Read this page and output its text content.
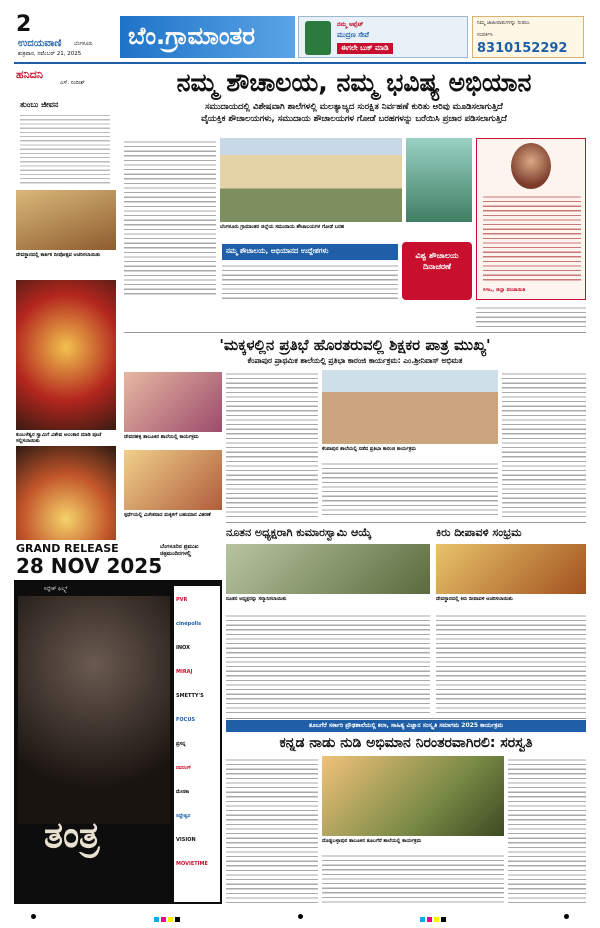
2
ಉದಯವಾಣಿ	ಬೆಂಗಳೂರು
ಶುಕ್ರವಾರ, ನವೆಂಬರ್ 21, 2025
ಬೆಂ.ಗ್ರಾಮಾಂತರ	ನಮ್ಮ ಆಫ್ಸೆಟ್
ಮುದ್ರಣ ಸೇವೆ
ಈಗಲೇ ಬುಕ್ ಮಾಡಿ
ನಿಮ್ಮ ಜಾಹೀರಾತುಗಳನ್ನು ನೀಡಲು
ಸಂಪರ್ಕಿಸಿ
8310152292
ಹನಿದನಿ
ಎಸ್. ನಂದೀಶ್
ತುಂಬು ಜೀವನ
ದೇವಸ್ಥಾನದಲ್ಲಿ ಕಾರ್ತಿಕ ದೀಪೋತ್ಸವ ಆಚರಿಸಲಾಯಿತು
ಕುಂಬಳೆಶ್ವರ ಸ್ವಾಮಿಗೆ ವಿಶೇಷ ಅಲಂಕಾರ ಮಾಡಿ ಪೂಜೆ ಸಲ್ಲಿಸಲಾಯಿತು
ನಮ್ಮ ಶೌಚಾಲಯ, ನಮ್ಮ ಭವಿಷ್ಯ ಅಭಿಯಾನ
ಸಮುದಾಯದಲ್ಲಿ ವಿಶೇಷವಾಗಿ ಶಾಲೆಗಳಲ್ಲಿ ಮಲತ್ಯಾಜ್ಯದ ಸುರಕ್ಷಿತ ನಿರ್ವಹಣೆ ಕುರಿತು ಅರಿವು ಮೂಡಿಸಲಾಗುತ್ತಿದೆ
ವೈಯಕ್ತಿಕ ಶೌಚಾಲಯಗಳು, ಸಮುದಾಯ ಶೌಚಾಲಯಗಳ ಗೋಡೆ ಬರಹಗಳನ್ನು ಬರೆಯಿಸಿ ಪ್ರಚಾರ ಪಡಿಸಲಾಗುತ್ತಿದೆ
ಬೆಂಗಳೂರು ಗ್ರಾಮಾಂತರ ಜಿಲ್ಲೆಯ ಸಮುದಾಯ ಶೌಚಾಲಯಗಳ ಗೋಡೆ ಬರಹ
ನಮ್ಮ ಶೌಚಾಲಯ, ಅಭಿಯಾನದ ಉದ್ದೇಶಗಳು	ವಿಶ್ವ ಶೌಚಾಲಯ ದಿನಾಚರಣೆ
ಸಿಇಒ, ಜಿಲ್ಲಾ ಪಂಚಾಯಿತಿ
'ಮಕ್ಕಳಲ್ಲಿನ ಪ್ರತಿಭೆ ಹೊರತರುವಲ್ಲಿ ಶಿಕ್ಷಕರ ಪಾತ್ರ ಮುಖ್ಯ'
ಕೆಂಪಾಪುರ ಪ್ರಾಥಮಿಕ ಶಾಲೆಯಲ್ಲಿ ಪ್ರತಿಭಾ ಕಾರಂಜಿ ಕಾರ್ಯಕ್ರಮ: ಎಂ.ಶ್ರೀನಿವಾಸ್ ಅಭಿಮತ
ದೇವನಹಳ್ಳಿ ತಾಲೂಕಿನ ಶಾಲೆಯಲ್ಲಿ ಕಾರ್ಯಕ್ರಮ
ಸ್ಪರ್ಧೆಯಲ್ಲಿ ವಿಜೇತರಾದ ಮಕ್ಕಳಿಗೆ ಬಹುಮಾನ ವಿತರಣೆ
ಕೆಂಪಾಪುರ ಶಾಲೆಯಲ್ಲಿ ನಡೆದ ಪ್ರತಿಭಾ ಕಾರಂಜಿ ಕಾರ್ಯಕ್ರಮ
ನೂತನ ಅಧ್ಯಕ್ಷರಾಗಿ ಕುಮಾರಸ್ವಾಮಿ ಆಯ್ಕೆ	ಕಿರು ದೀಪಾವಳಿ ಸಂಭ್ರಮ
ನೂತನ ಅಧ್ಯಕ್ಷರನ್ನು ಸನ್ಮಾನಿಸಲಾಯಿತು	ದೇವಸ್ಥಾನದಲ್ಲಿ ಕಿರು ದೀಪಾವಳಿ ಆಚರಿಸಲಾಯಿತು
GRAND RELEASE
28 NOV 2025
ಬೆಂಗಳೂರಿನ ಪ್ರಮುಖ ಚಿತ್ರಮಂದಿರಗಳಲ್ಲಿ
ಸಿದ್ದೇಶ್ ಫಿಲ್ಮ್ಸ್
ತಂತ್ರ
PVR
cinépolis
INOX
MIRAJ
SMETTY'S
FOCUS
ಪ್ರಸನ್ನ
ನವರಂಗ್
ಮೇನಕಾ
ಸಿದ್ದೇಶ್ವರ
VISION
MOVIETIME
ತೂಬಗೆರೆ ಸರ್ಕಾರಿ ಪ್ರೌಢಶಾಲೆಯಲ್ಲಿ ಕಲಾ, ಸಾಹಿತ್ಯ ವಿಜ್ಞಾನ ಸಂಸ್ಕೃತಿ ಸಮಾಗಮ 2025 ಕಾರ್ಯಕ್ರಮ
ಕನ್ನಡ ನಾಡು ನುಡಿ ಅಭಿಮಾನ ನಿರಂತರವಾಗಿರಲಿ: ಸರಸ್ವತಿ
ದೊಡ್ಡಬಳ್ಳಾಪುರ ತಾಲೂಕಿನ ತೂಬಗೆರೆ ಶಾಲೆಯಲ್ಲಿ ಕಾರ್ಯಕ್ರಮ
